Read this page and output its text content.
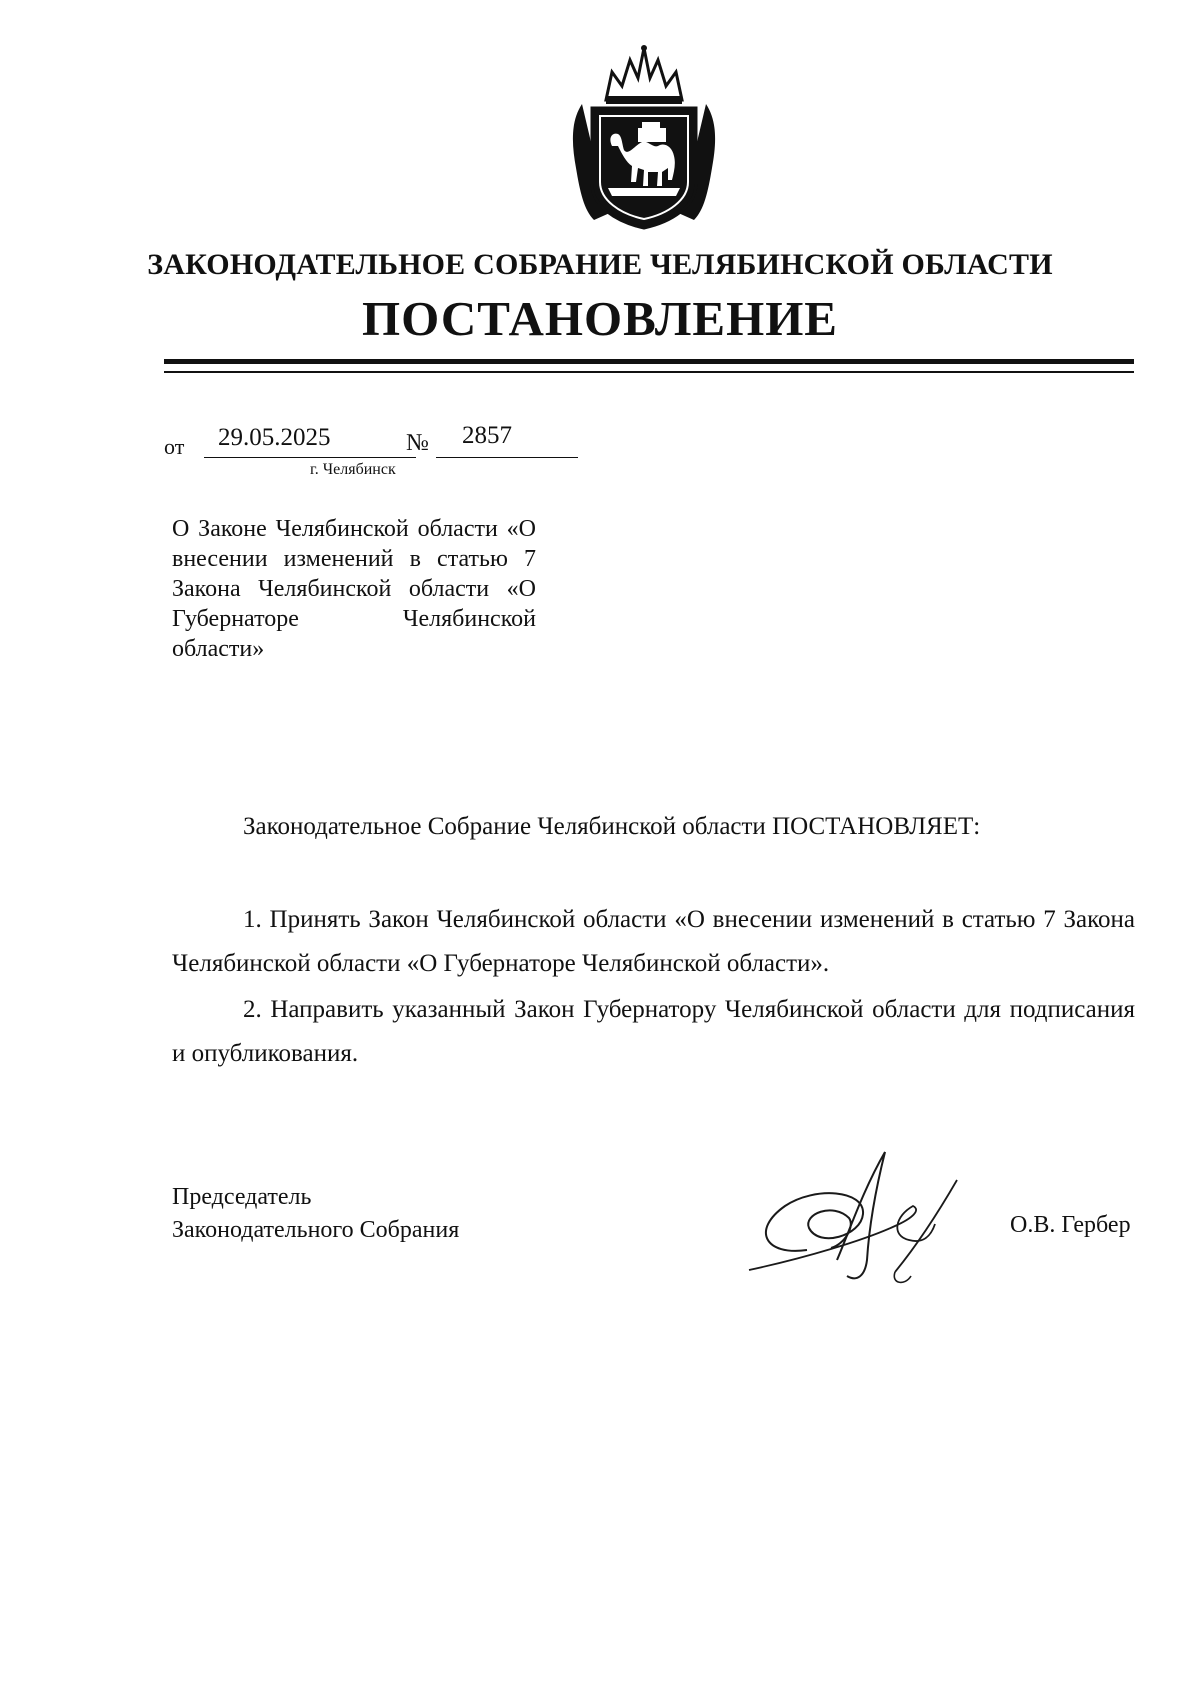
ЗАКОНОДАТЕЛЬНОЕ СОБРАНИЕ ЧЕЛЯБИНСКОЙ ОБЛАСТИ
ПОСТАНОВЛЕНИЕ
от 29.05.2025	№ 2857
г. Челябинск
О Законе Челябинской области «О внесении изменений в статью 7 Закона Челябинской области «О Губернаторе Челябинской области»
Законодательное Собрание Челябинской области ПОСТАНОВЛЯЕТ:
1. Принять Закон Челябинской области «О внесении изменений в статью 7 Закона Челябинской области «О Губернаторе Челябинской области».
2. Направить указанный Закон Губернатору Челябинской области для подписания и опубликования.
Председатель
Законодательного Собрания	О.В. Гербер
